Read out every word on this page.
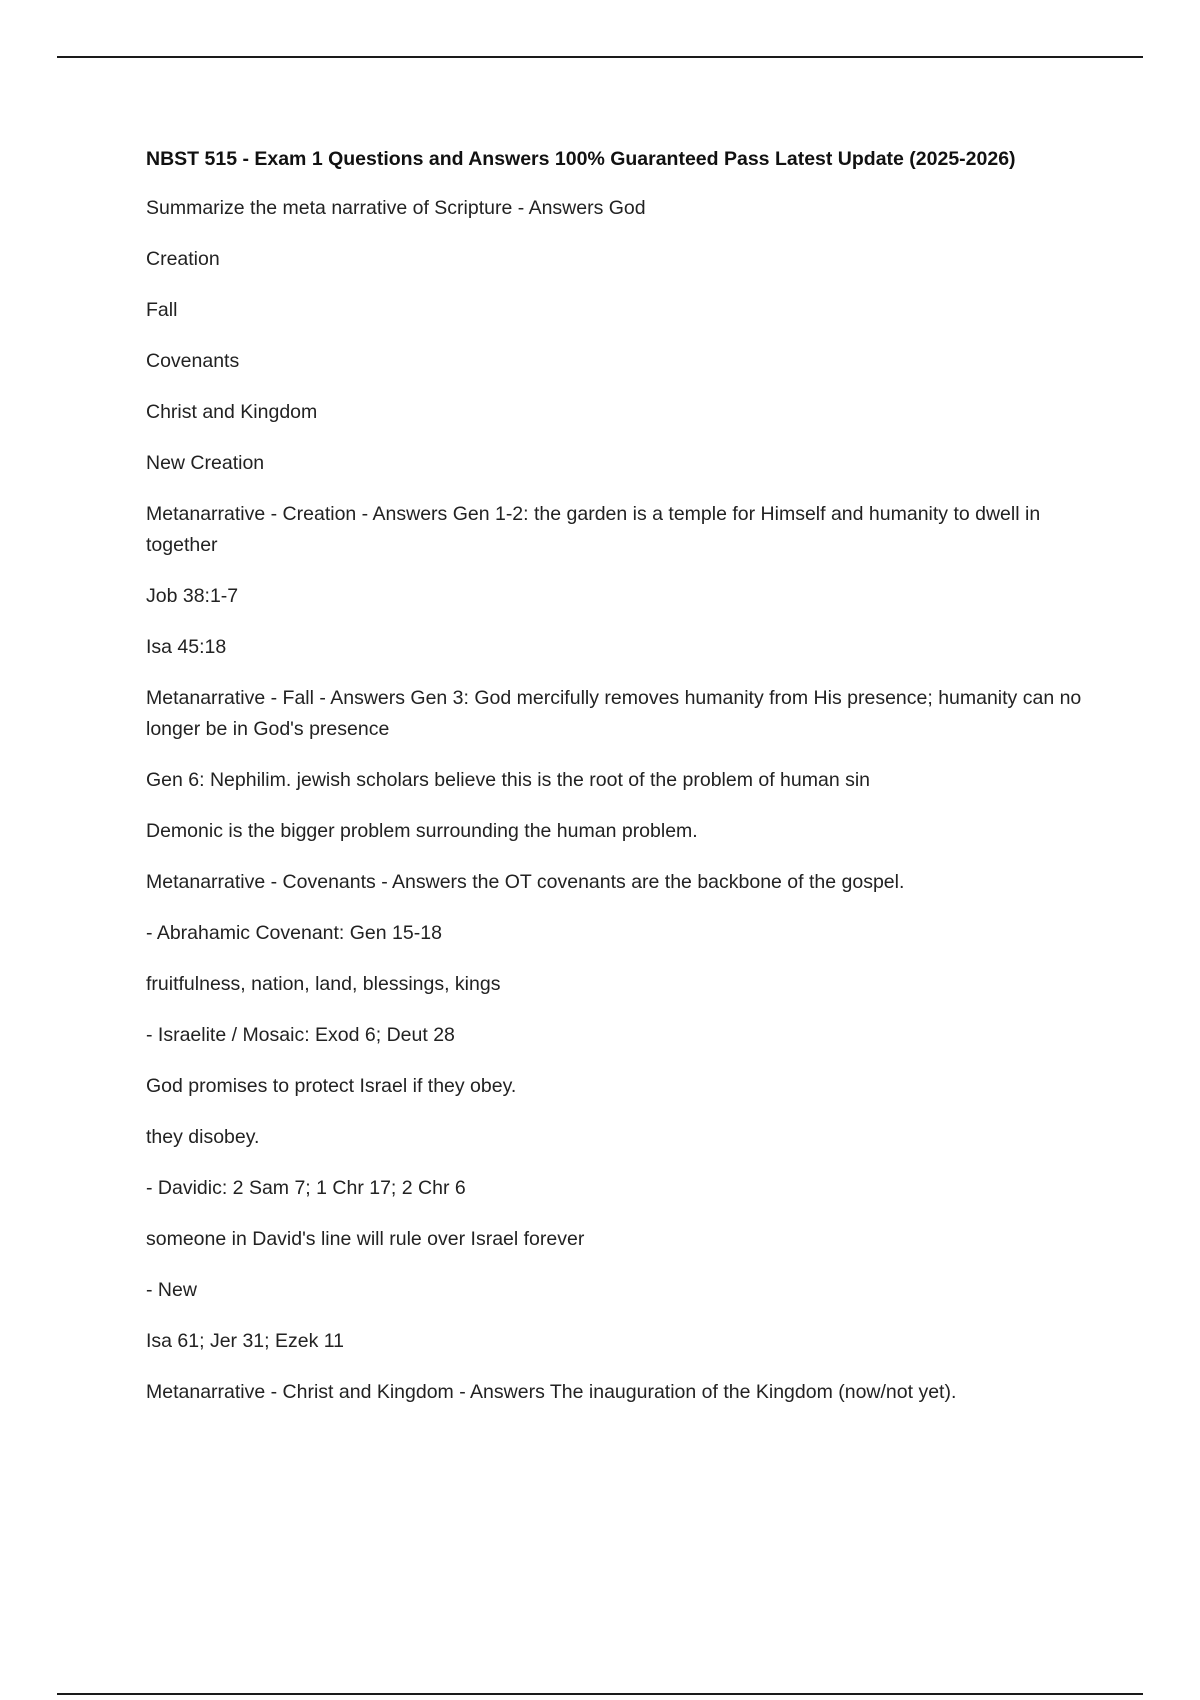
NBST 515 - Exam 1 Questions and Answers 100% Guaranteed Pass Latest Update (2025-2026)
Summarize the meta narrative of Scripture - Answers God
Creation
Fall
Covenants
Christ and Kingdom
New Creation
Metanarrative - Creation - Answers Gen 1-2: the garden is a temple for Himself and humanity to dwell in together
Job 38:1-7
Isa 45:18
Metanarrative - Fall - Answers Gen 3: God mercifully removes humanity from His presence; humanity can no longer be in God's presence
Gen 6: Nephilim. jewish scholars believe this is the root of the problem of human sin
Demonic is the bigger problem surrounding the human problem.
Metanarrative - Covenants - Answers the OT covenants are the backbone of the gospel.
- Abrahamic Covenant: Gen 15-18
fruitfulness, nation, land, blessings, kings
- Israelite / Mosaic: Exod 6; Deut 28
God promises to protect Israel if they obey.
they disobey.
- Davidic: 2 Sam 7; 1 Chr 17; 2 Chr 6
someone in David's line will rule over Israel forever
- New
Isa 61; Jer 31; Ezek 11
Metanarrative - Christ and Kingdom - Answers The inauguration of the Kingdom (now/not yet).
